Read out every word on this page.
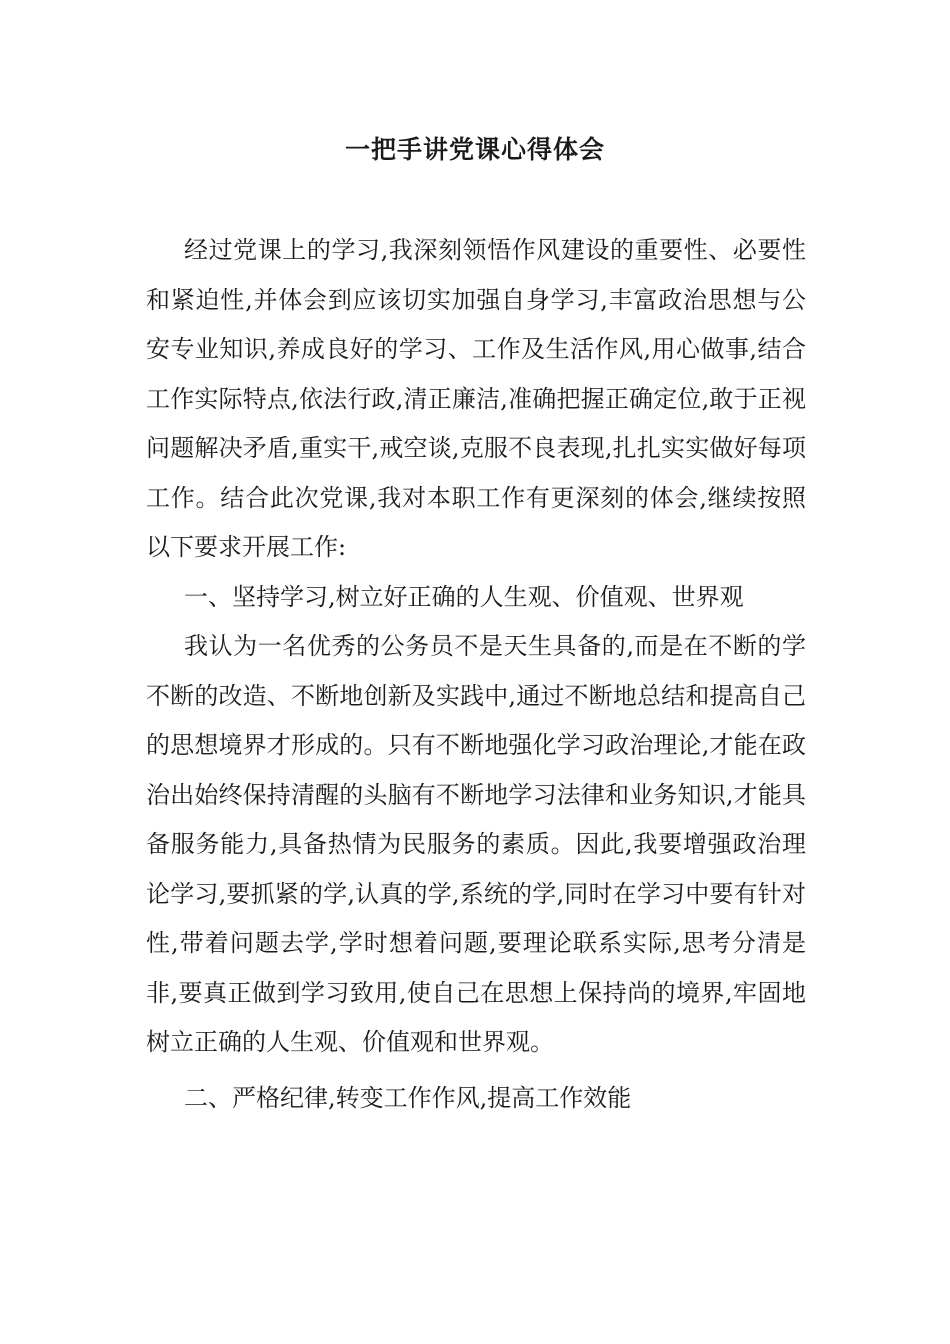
一把手讲党课心得体会

经过党课上的学习,我深刻领悟作风建设的重要性、必要性和紧迫性,并体会到应该切实加强自身学习,丰富政治思想与公安专业知识,养成良好的学习、工作及生活作风,用心做事,结合工作实际特点,依法行政,清正廉洁,准确把握正确定位,敢于正视问题解决矛盾,重实干,戒空谈,克服不良表现,扎扎实实做好每项工作。结合此次党课,我对本职工作有更深刻的体会,继续按照以下要求开展工作:

一、坚持学习,树立好正确的人生观、价值观、世界观

我认为一名优秀的公务员不是天生具备的,而是在不断的学不断的改造、不断地创新及实践中,通过不断地总结和提高自己的思想境界才形成的。只有不断地强化学习政治理论,才能在政治出始终保持清醒的头脑有不断地学习法律和业务知识,才能具备服务能力,具备热情为民服务的素质。因此,我要增强政治理论学习,要抓紧的学,认真的学,系统的学,同时在学习中要有针对性,带着问题去学,学时想着问题,要理论联系实际,思考分清是非,要真正做到学习致用,使自己在思想上保持尚的境界,牢固地树立正确的人生观、价值观和世界观。

二、严格纪律,转变工作作风,提高工作效能
